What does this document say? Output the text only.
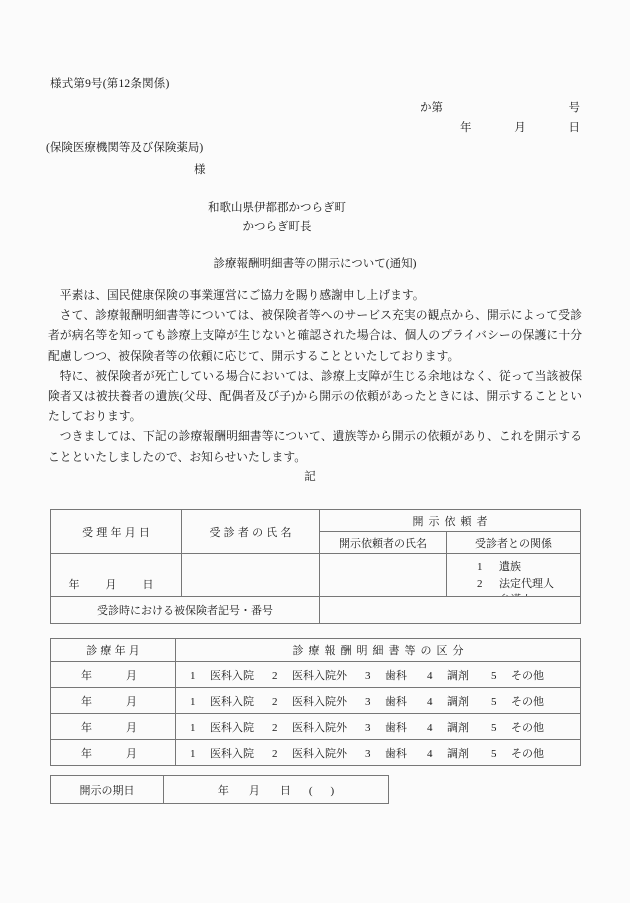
様式第9号(第12条関係)
か第	号
年	月	日
(保険医療機関等及び保険薬局)
様
和歌山県伊都郡かつらぎ町
かつらぎ町長
診療報酬明細書等の開示について(通知)

平素は、国民健康保険の事業運営にご協力を賜り感謝申し上げます。

さて、診療報酬明細書等については、被保険者等へのサービス充実の観点から、開示によって受診者が病名等を知っても診療上支障が生じないと確認された場合は、個人のプライバシーの保護に十分配慮しつつ、被保険者等の依頼に応じて、開示することといたしております。

特に、被保険者が死亡している場合においては、診療上支障が生じる余地はなく、従って当該被保険者又は被扶養者の遺族(父母、配偶者及び子)から開示の依頼があったときには、開示することといたしております。

つきましては、下記の診療報酬明細書等について、遺族等から開示の依頼があり、これを開示することといたしましたので、お知らせいたします。

記
受理年月日	受診者の氏名	開示依頼者	
		開示依頼者の氏名	受診者との関係
年 月 日			1 遺族
2 法定代理人
受診時における被保険者記号・番号	
診療年月	診療報酬明細書等の区分
年 月	1 医科入院 2 医科入院外 3 歯科 4 調剤 5 その他
年 月	1 医科入院 2 医科入院外 3 歯科 4 調剤 5 その他
年 月	1 医科入院 2 医科入院外 3 歯科 4 調剤 5 その他
年 月	1 医科入院 2 医科入院外 3 歯科 4 調剤 5 その他
開示の期日	年 月 日 ( )
